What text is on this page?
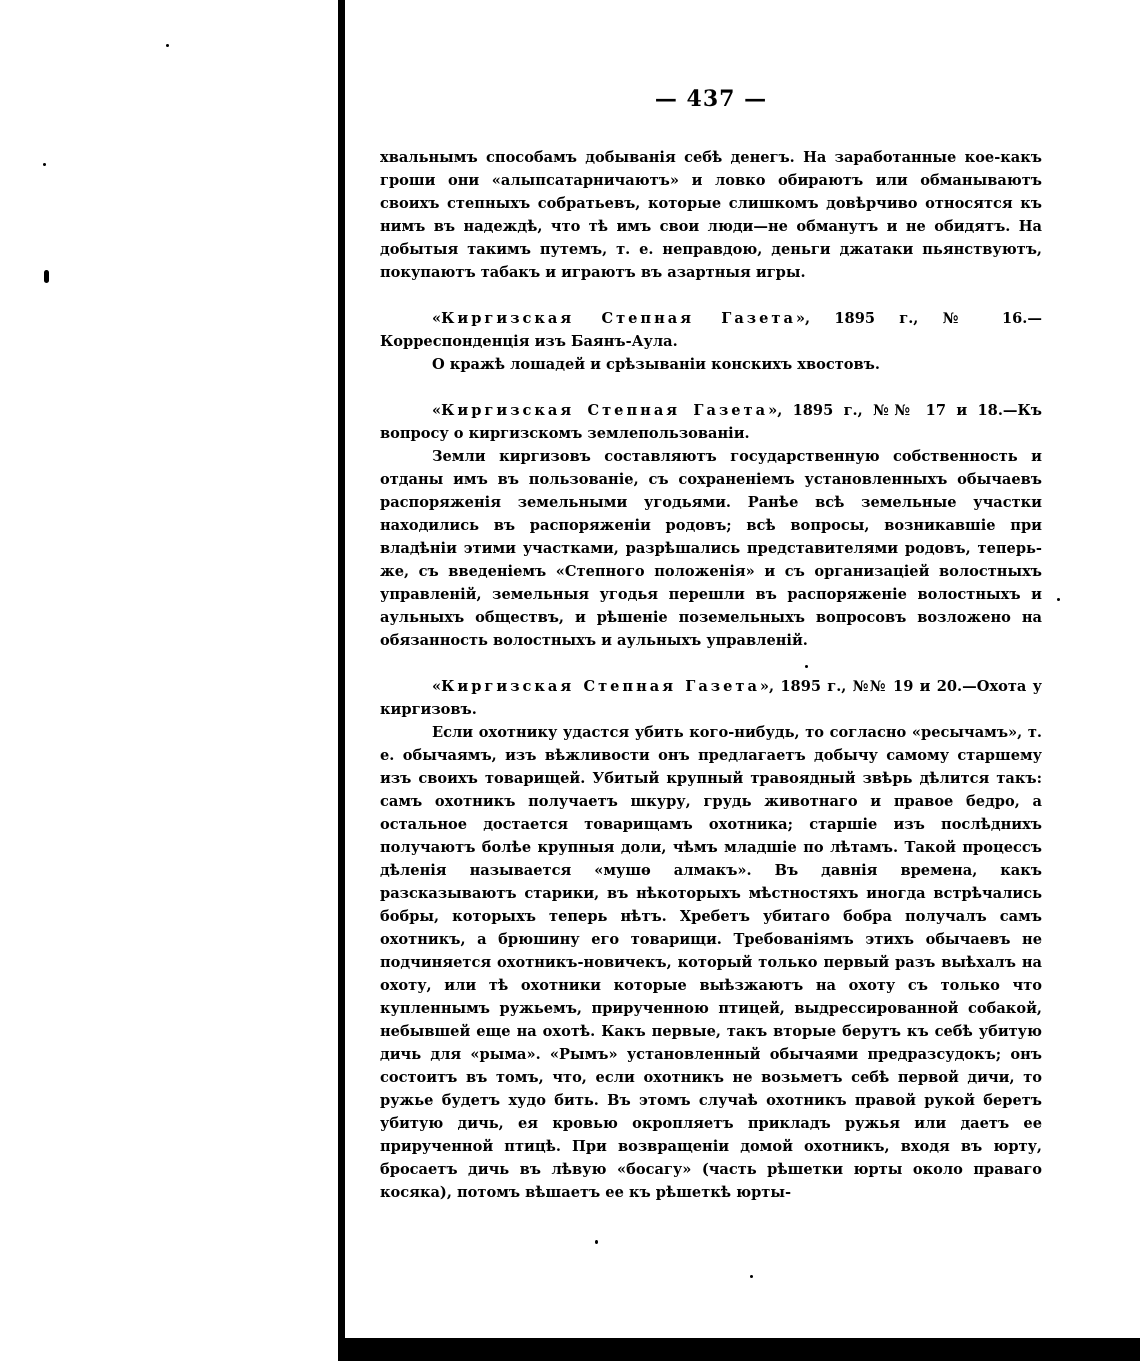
— 437 —

хвальнымъ способамъ добыванія себѣ денегъ. На заработанные кое-какъ гроши они «алыпсатарничаютъ» и ловко обираютъ или обманываютъ своихъ степныхъ собратьевъ, которые слишкомъ довѣрчиво относятся къ нимъ въ надеждѣ, что тѣ имъ свои люди—не обманутъ и не обидятъ. На добытыя такимъ путемъ, т. е. неправдою, деньги джатаки пьянствуютъ, покупаютъ табакъ и играютъ въ азартныя игры.

«Киргизская Степная Газета», 1895 г., № 16.—Корреспонденція изъ Баянъ-Аула.

О кражѣ лошадей и срѣзываніи конскихъ хвостовъ.

«Киргизская Степная Газета», 1895 г., №№ 17 и 18.—Къ вопросу о киргизскомъ землепользованіи.

Земли киргизовъ составляютъ государственную собственность и отданы имъ въ пользованіе, съ сохраненіемъ установленныхъ обычаевъ распоряженія земельными угодьями. Ранѣе всѣ земельные участки находились въ распоряженіи родовъ; всѣ вопросы, возникавшіе при владѣніи этими участками, разрѣшались представителями родовъ, теперь-же, съ введеніемъ «Степного положенія» и съ организаціей волостныхъ управленій, земельныя угодья перешли въ распоряженіе волостныхъ и аульныхъ обществъ, и рѣшеніе поземельныхъ вопросовъ возложено на обязанность волостныхъ и аульныхъ управленій.

«Киргизская Степная Газета», 1895 г., №№ 19 и 20.—Охота у киргизовъ.

Если охотнику удастся убить кого-нибудь, то согласно «ресычамъ», т. е. обычаямъ, изъ вѣжливости онъ предлагаетъ добычу самому старшему изъ своихъ товарищей. Убитый крупный травоядный звѣрь дѣлится такъ: самъ охотникъ получаетъ шкуру, грудь животнаго и правое бедро, а остальное достается товарищамъ охотника; старшіе изъ послѣднихъ получаютъ болѣе крупныя доли, чѣмъ младшіе по лѣтамъ. Такой процессъ дѣленія называется «мушө алмакъ». Въ давнія времена, какъ разсказываютъ старики, въ нѣкоторыхъ мѣстностяхъ иногда встрѣчались бобры, которыхъ теперь нѣтъ. Хребетъ убитаго бобра получалъ самъ охотникъ, а брюшину его товарищи. Требованіямъ этихъ обычаевъ не подчиняется охотникъ-новичекъ, который только первый разъ выѣхалъ на охоту, или тѣ охотники которые выѣзжаютъ на охоту съ только что купленнымъ ружьемъ, прирученною птицей, выдрессированной собакой, небывшей еще на охотѣ. Какъ первые, такъ вторые берутъ къ себѣ убитую дичь для «рыма». «Рымъ» установленный обычаями предразсудокъ; онъ состоитъ въ томъ, что, если охотникъ не возьметъ себѣ первой дичи, то ружье будетъ худо бить. Въ этомъ случаѣ охотникъ правой рукой беретъ убитую дичь, ея кровью окропляетъ прикладъ ружья или даетъ ее прирученной птицѣ. При возвращеніи домой охотникъ, входя въ юрту, бросаетъ дичь въ лѣвую «босагу» (часть рѣшетки юрты около праваго косяка), потомъ вѣшаетъ ее къ рѣшеткѣ юрты-
